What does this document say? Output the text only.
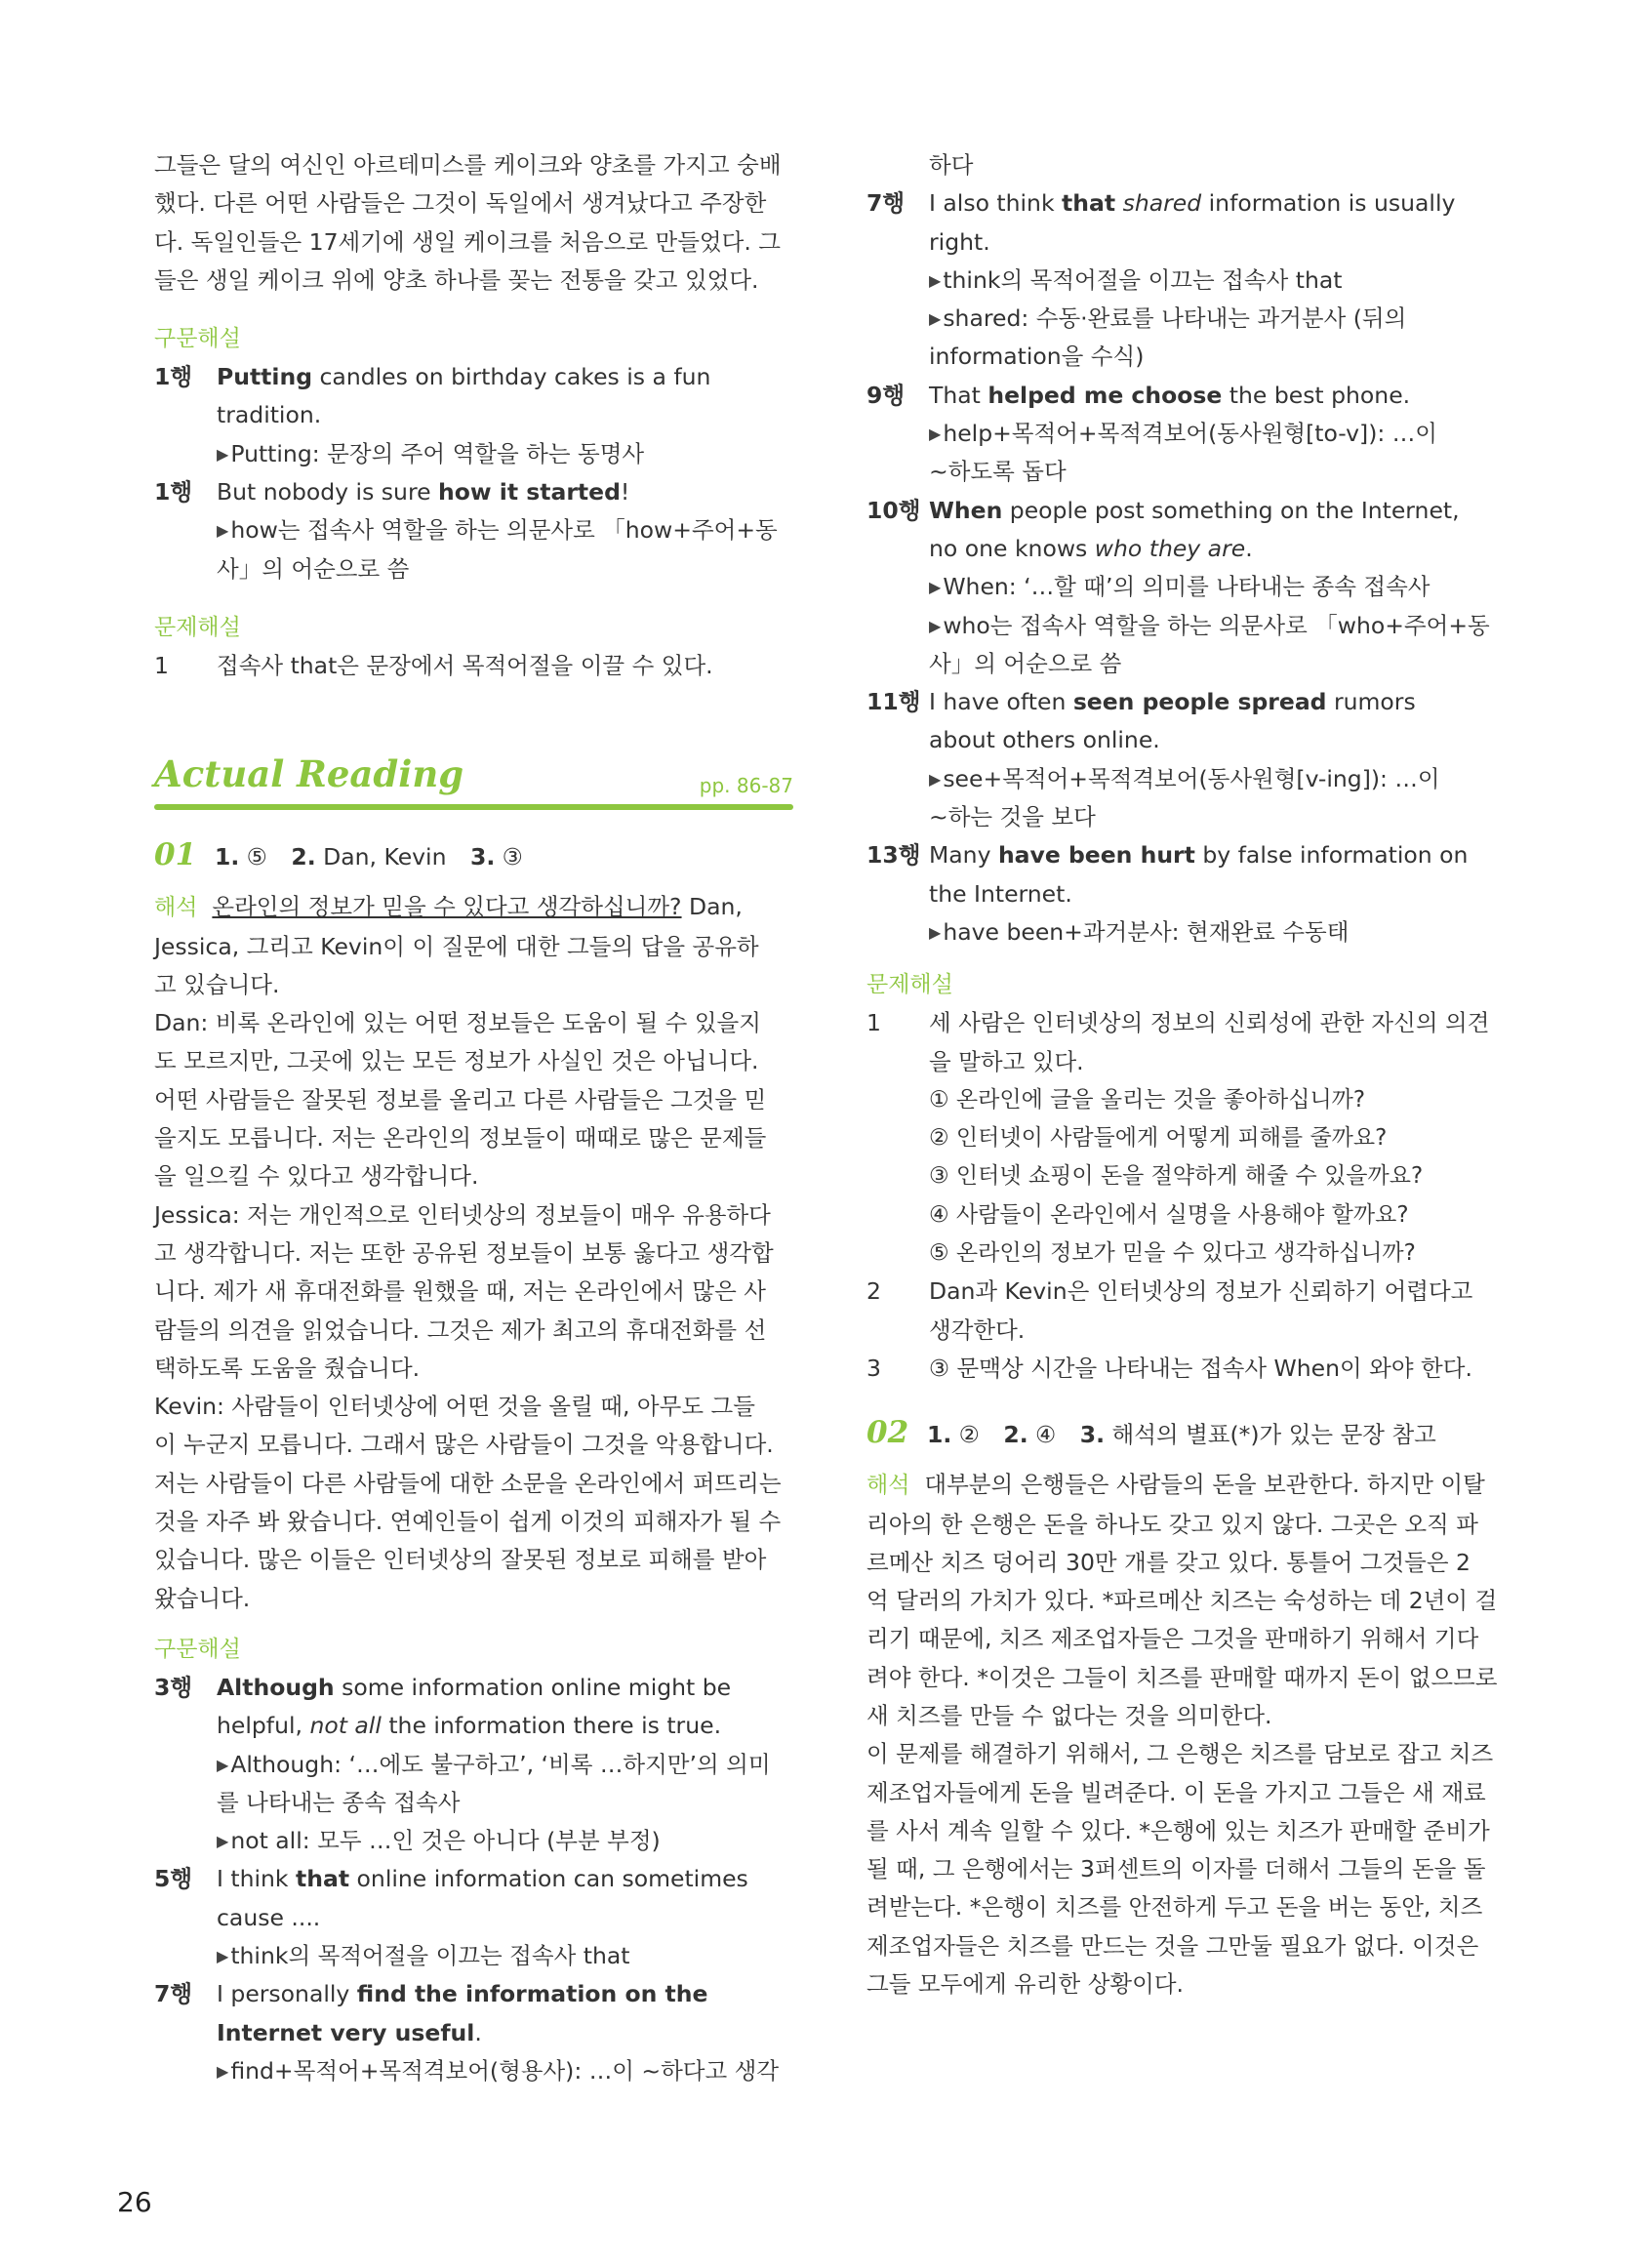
그들은 달의 여신인 아르테미스를 케이크와 양초를 가지고 숭배
했다. 다른 어떤 사람들은 그것이 독일에서 생겨났다고 주장한
다. 독일인들은 17세기에 생일 케이크를 처음으로 만들었다. 그
들은 생일 케이크 위에 양초 하나를 꽂는 전통을 갖고 있었다.
구문해설
1행	Putting candles on birthday cakes is a fun
tradition.
▶Putting: 문장의 주어 역할을 하는 동명사
1행	But nobody is sure how it started!
▶how는 접속사 역할을 하는 의문사로 「how+주어+동
사」의 어순으로 씀
문제해설
1	접속사 that은 문장에서 목적어절을 이끌 수 있다.
Actual Reading	pp. 86-87
01 1. ⑤ 2. Dan, Kevin 3. ③
해석 온라인의 정보가 믿을 수 있다고 생각하십니까? Dan,
Jessica, 그리고 Kevin이 이 질문에 대한 그들의 답을 공유하
고 있습니다.
Dan: 비록 온라인에 있는 어떤 정보들은 도움이 될 수 있을지
도 모르지만, 그곳에 있는 모든 정보가 사실인 것은 아닙니다.
어떤 사람들은 잘못된 정보를 올리고 다른 사람들은 그것을 믿
을지도 모릅니다. 저는 온라인의 정보들이 때때로 많은 문제들
을 일으킬 수 있다고 생각합니다.
Jessica: 저는 개인적으로 인터넷상의 정보들이 매우 유용하다
고 생각합니다. 저는 또한 공유된 정보들이 보통 옳다고 생각합
니다. 제가 새 휴대전화를 원했을 때, 저는 온라인에서 많은 사
람들의 의견을 읽었습니다. 그것은 제가 최고의 휴대전화를 선
택하도록 도움을 줬습니다.
Kevin: 사람들이 인터넷상에 어떤 것을 올릴 때, 아무도 그들
이 누군지 모릅니다. 그래서 많은 사람들이 그것을 악용합니다.
저는 사람들이 다른 사람들에 대한 소문을 온라인에서 퍼뜨리는
것을 자주 봐 왔습니다. 연예인들이 쉽게 이것의 피해자가 될 수
있습니다. 많은 이들은 인터넷상의 잘못된 정보로 피해를 받아
왔습니다.
구문해설
3행	Although some information online might be
helpful, not all the information there is true.
▶Although: ‘…에도 불구하고’, ‘비록 …하지만’의 의미
를 나타내는 종속 접속사
▶not all: 모두 …인 것은 아니다 (부분 부정)
5행	I think that online information can sometimes
cause ....
▶think의 목적어절을 이끄는 접속사 that
7행	I personally find the information on the
Internet very useful.
▶find+목적어+목적격보어(형용사): …이 ~하다고 생각
하다
7행	I also think that shared information is usually
right.
▶think의 목적어절을 이끄는 접속사 that
▶shared: 수동·완료를 나타내는 과거분사 (뒤의
information을 수식)
9행	That helped me choose the best phone.
▶help+목적어+목적격보어(동사원형[to-v]): …이
~하도록 돕다
10행 When people post something on the Internet,
no one knows who they are.
▶When: ‘…할 때’의 의미를 나타내는 종속 접속사
▶who는 접속사 역할을 하는 의문사로 「who+주어+동
사」의 어순으로 씀
11행 I have often seen people spread rumors
about others online.
▶see+목적어+목적격보어(동사원형[v-ing]): …이
~하는 것을 보다
13행 Many have been hurt by false information on
the Internet.
▶have been+과거분사: 현재완료 수동태
문제해설
1	세 사람은 인터넷상의 정보의 신뢰성에 관한 자신의 의견
을 말하고 있다.
① 온라인에 글을 올리는 것을 좋아하십니까?
② 인터넷이 사람들에게 어떻게 피해를 줄까요?
③ 인터넷 쇼핑이 돈을 절약하게 해줄 수 있을까요?
④ 사람들이 온라인에서 실명을 사용해야 할까요?
⑤ 온라인의 정보가 믿을 수 있다고 생각하십니까?
2	Dan과 Kevin은 인터넷상의 정보가 신뢰하기 어렵다고
생각한다.
3	③ 문맥상 시간을 나타내는 접속사 When이 와야 한다.
02 1. ② 2. ④ 3. 해석의 별표(*)가 있는 문장 참고
해석 대부분의 은행들은 사람들의 돈을 보관한다. 하지만 이탈
리아의 한 은행은 돈을 하나도 갖고 있지 않다. 그곳은 오직 파
르메산 치즈 덩어리 30만 개를 갖고 있다. 통틀어 그것들은 2
억 달러의 가치가 있다. *파르메산 치즈는 숙성하는 데 2년이 걸
리기 때문에, 치즈 제조업자들은 그것을 판매하기 위해서 기다
려야 한다. *이것은 그들이 치즈를 판매할 때까지 돈이 없으므로
새 치즈를 만들 수 없다는 것을 의미한다.
이 문제를 해결하기 위해서, 그 은행은 치즈를 담보로 잡고 치즈
제조업자들에게 돈을 빌려준다. 이 돈을 가지고 그들은 새 재료
를 사서 계속 일할 수 있다. *은행에 있는 치즈가 판매할 준비가
될 때, 그 은행에서는 3퍼센트의 이자를 더해서 그들의 돈을 돌
려받는다. *은행이 치즈를 안전하게 두고 돈을 버는 동안, 치즈
제조업자들은 치즈를 만드는 것을 그만둘 필요가 없다. 이것은
그들 모두에게 유리한 상황이다.
26
